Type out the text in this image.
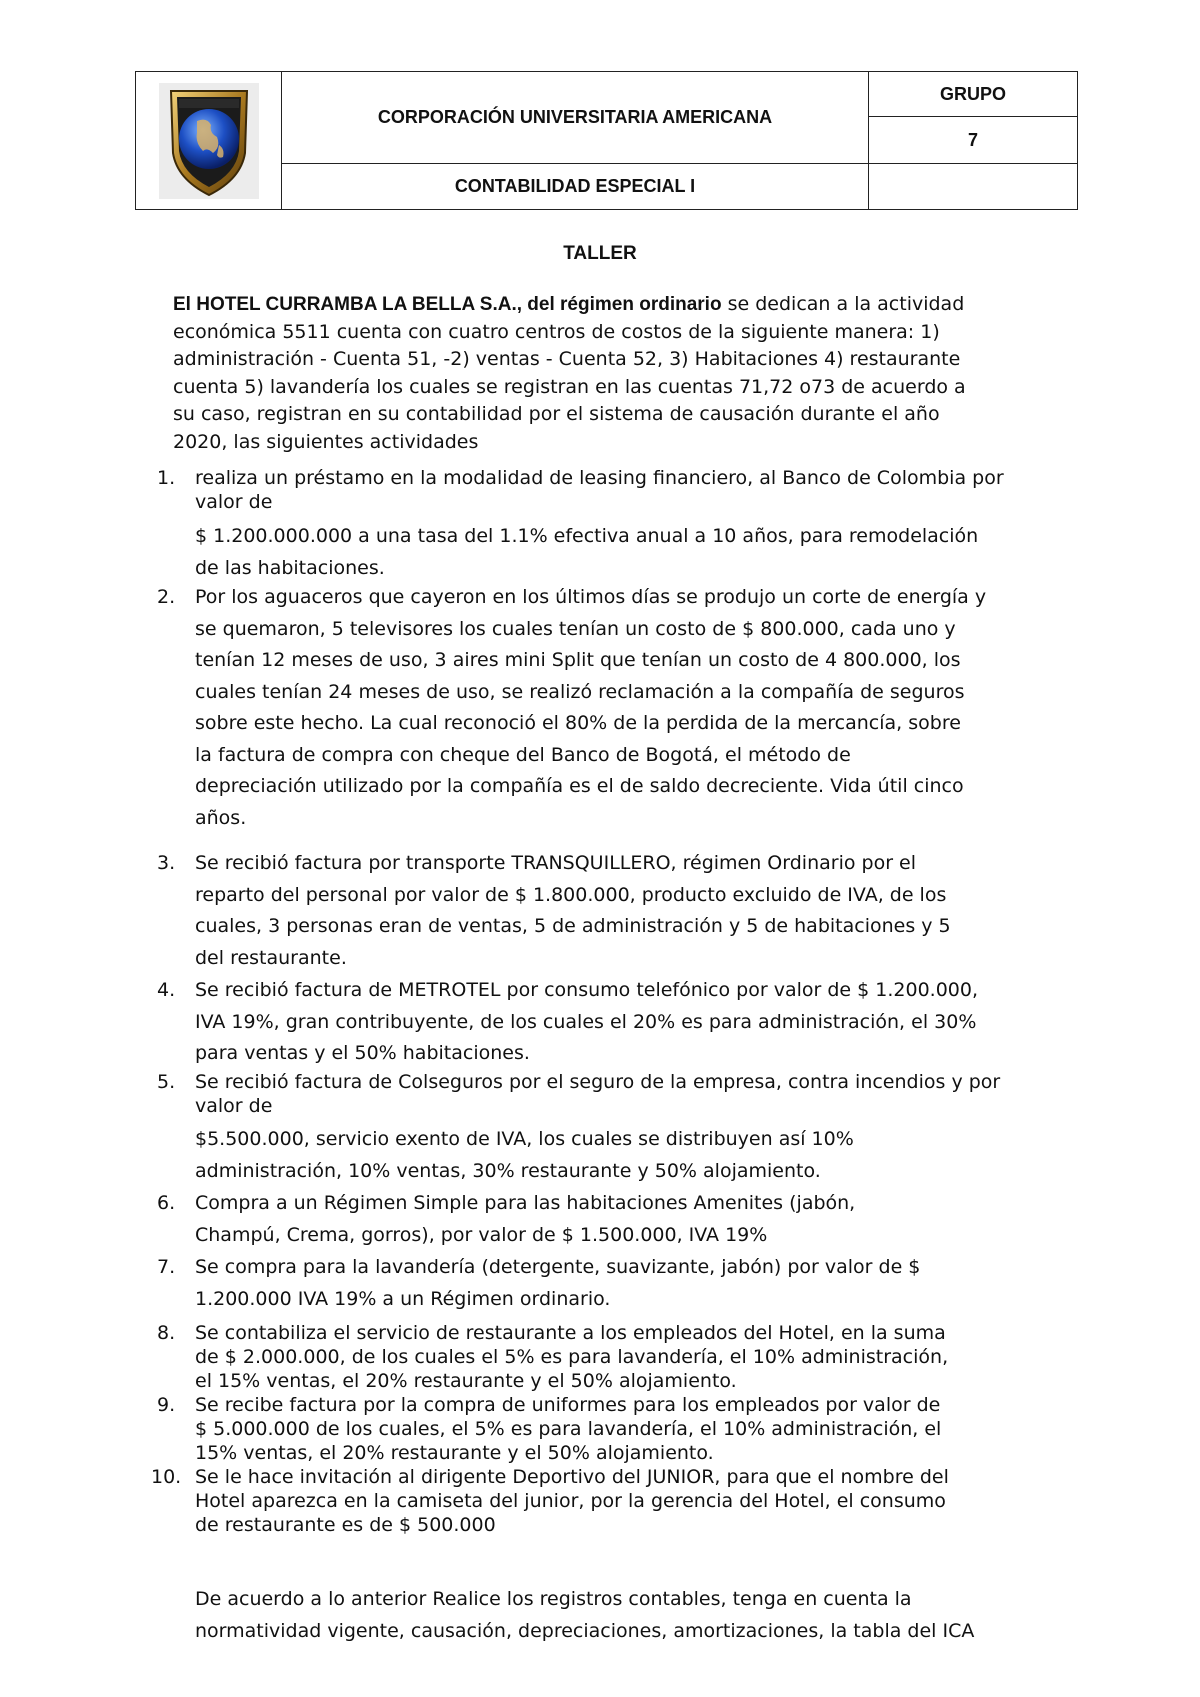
	CORPORACIÓN UNIVERSITARIA AMERICANA	GRUPO
		7
	CONTABILIDAD ESPECIAL I	
TALLER
El HOTEL CURRAMBA LA BELLA S.A., del régimen ordinario se dedican a la actividad
económica 5511 cuenta con cuatro centros de costos de la siguiente manera: 1)
administración - Cuenta 51, -2) ventas - Cuenta 52, 3) Habitaciones 4) restaurante
cuenta 5) lavandería los cuales se registran en las cuentas 71,72 o73 de acuerdo a
su caso, registran en su contabilidad por el sistema de causación durante el año
2020, las siguientes actividades
1. realiza un préstamo en la modalidad de leasing financiero, al Banco de Colombia por

valor de

$ 1.200.000.000 a una tasa del 1.1% efectiva anual a 10 años, para remodelación

de las habitaciones.

2. Por los aguaceros que cayeron en los últimos días se produjo un corte de energía y

se quemaron, 5 televisores los cuales tenían un costo de $ 800.000, cada uno y

tenían 12 meses de uso, 3 aires mini Split que tenían un costo de 4 800.000, los

cuales tenían 24 meses de uso, se realizó reclamación a la compañía de seguros

sobre este hecho. La cual reconoció el 80% de la perdida de la mercancía, sobre

la factura de compra con cheque del Banco de Bogotá, el método de

depreciación utilizado por la compañía es el de saldo decreciente. Vida útil cinco

años.

3. Se recibió factura por transporte TRANSQUILLERO, régimen Ordinario por el

reparto del personal por valor de $ 1.800.000, producto excluido de IVA, de los

cuales, 3 personas eran de ventas, 5 de administración y 5 de habitaciones y 5

del restaurante.

4. Se recibió factura de METROTEL por consumo telefónico por valor de $ 1.200.000,

IVA 19%, gran contribuyente, de los cuales el 20% es para administración, el 30%

para ventas y el 50% habitaciones.

5. Se recibió factura de Colseguros por el seguro de la empresa, contra incendios y por

valor de

$5.500.000, servicio exento de IVA, los cuales se distribuyen así 10%

administración, 10% ventas, 30% restaurante y 50% alojamiento.

6. Compra a un Régimen Simple para las habitaciones Amenites (jabón,

Champú, Crema, gorros), por valor de $ 1.500.000, IVA 19%

7. Se compra para la lavandería (detergente, suavizante, jabón) por valor de $

1.200.000 IVA 19% a un Régimen ordinario.

8. Se contabiliza el servicio de restaurante a los empleados del Hotel, en la suma

de $ 2.000.000, de los cuales el 5% es para lavandería, el 10% administración,

el 15% ventas, el 20% restaurante y el 50% alojamiento.

9. Se recibe factura por la compra de uniformes para los empleados por valor de

$ 5.000.000 de los cuales, el 5% es para lavandería, el 10% administración, el

15% ventas, el 20% restaurante y el 50% alojamiento.

10. Se le hace invitación al dirigente Deportivo del JUNIOR, para que el nombre del

Hotel aparezca en la camiseta del junior, por la gerencia del Hotel, el consumo

de restaurante es de $ 500.000

De acuerdo a lo anterior Realice los registros contables, tenga en cuenta la
normatividad vigente, causación, depreciaciones, amortizaciones, la tabla del ICA
